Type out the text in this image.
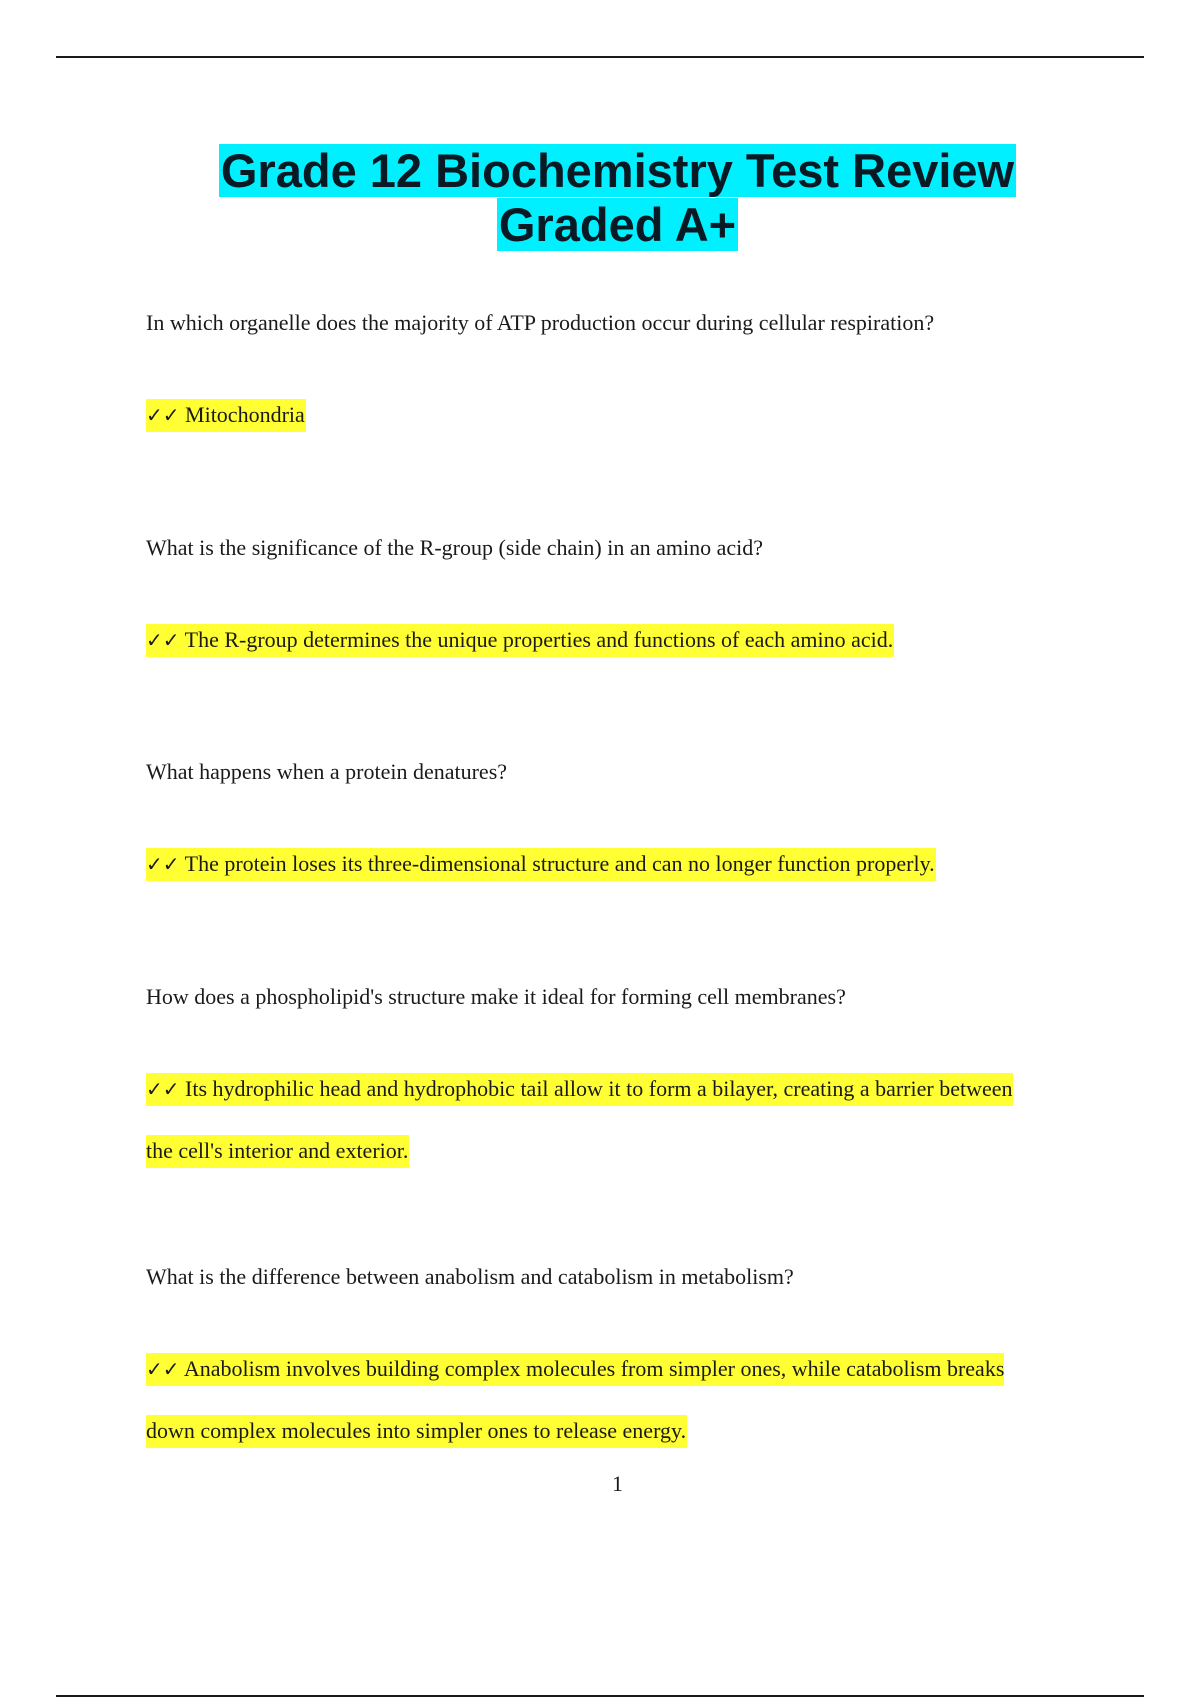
Grade 12 Biochemistry Test Review
Graded A+

In which organelle does the majority of ATP production occur during cellular respiration?

✓✓ Mitochondria

What is the significance of the R-group (side chain) in an amino acid?

✓✓ The R-group determines the unique properties and functions of each amino acid.

What happens when a protein denatures?

✓✓ The protein loses its three-dimensional structure and can no longer function properly.

How does a phospholipid's structure make it ideal for forming cell membranes?

✓✓ Its hydrophilic head and hydrophobic tail allow it to form a bilayer, creating a barrier between the cell's interior and exterior.

What is the difference between anabolism and catabolism in metabolism?

✓✓ Anabolism involves building complex molecules from simpler ones, while catabolism breaks down complex molecules into simpler ones to release energy.

1
